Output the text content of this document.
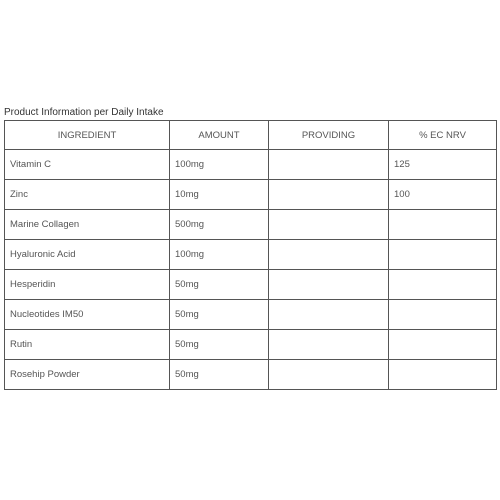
Product Information per Daily Intake
INGREDIENT	AMOUNT	PROVIDING	% EC NRV
Vitamin C	100mg		125
Zinc	10mg		100
Marine Collagen	500mg		
Hyaluronic Acid	100mg		
Hesperidin	50mg		
Nucleotides IM50	50mg		
Rutin	50mg		
Rosehip Powder	50mg		
